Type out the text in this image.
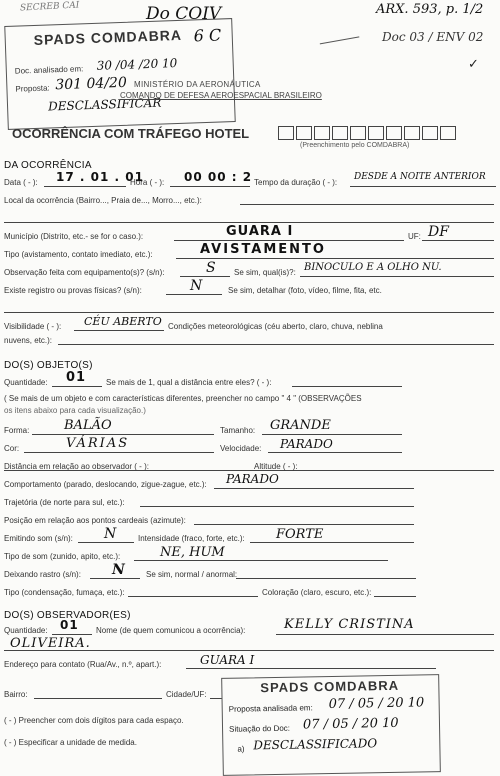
SECREB CAI	Do COIV	ARX. 593, p. 1/2
Doc 03 / ENV 02
✓
SPADS COMDABRA 6 C
Doc. analisado em: 30 /04 /20 10
Proposta: 301 04/20
DESCLASSIFICAR
MINISTÉRIO DA AERONÁUTICA
COMANDO DE DEFESA AEROESPACIAL BRASILEIRO
OCORRÊNCIA COM TRÁFEGO HOTEL
(Preenchimento pelo COMDABRA)
DA OCORRÊNCIA
Data ( - ): 17 . 01 . 01
Hora ( - ): 00 00 : 2 Tempo da duração ( - ):
DESDE A NOITE ANTERIOR
Local da ocorrência (Bairro..., Praia de..., Morro..., etc.):
Município (Distrito, etc.- se for o caso.):	GUARA I	UF: DF
Tipo (avistamento, contato imediato, etc.):	AVISTAMENTO
Observação feita com equipamento(s)? (s/n):	S Se sim, qual(is)?: BINOCULO E A OLHO NU.
Existe registro ou provas físicas? (s/n):	N	Se sim, detalhar (foto, vídeo, filme, fita, etc.
Visibilidade ( - ): CÉU ABERTO Condições meteorológicas (céu aberto, claro, chuva, neblina
nuvens, etc.):
DO(S) OBJETO(S)
Quantidade: 01 Se mais de 1, qual a distância entre eles? ( - ):
( Se mais de um objeto e com características diferentes, preencher no campo " 4 " (OBSERVAÇÕES
os itens abaixo para cada visualização.)
Forma:	BALÃO	Tamanho: GRANDE
Cor:	VÁRIAS	Velocidade: PARADO
Distância em relação ao observador ( - ):	Altitude ( - ):
Comportamento (parado, deslocando, zigue-zague, etc.): PARADO
Trajetória (de norte para sul, etc.):
Posição em relação aos pontos cardeais (azimute):
Emitindo som (s/n): N	Intensidade (fraco, forte, etc.): FORTE
Tipo de som (zunido, apito, etc.):	NE, HUM
Deixando rastro (s/n): N	Se sim, normal / anormal:
Tipo (condensação, fumaça, etc.):	Coloração (claro, escuro, etc.):
DO(S) OBSERVADOR(ES)
Quantidade: 01 Nome (de quem comunicou a ocorrência):	KELLY CRISTINA
OLIVEIRA.
Endereço para contato (Rua/Av., n.º, apart.):	GUARA I
Bairro:	Cidade/UF:
( - ) Preencher com dois dígitos para cada espaço.
( - ) Especificar a unidade de medida.
SPADS COMDABRA
Proposta analisada em: 07 / 05 / 20 10
Situação do Doc: 07 / 05 / 20 10
a) DESCLASSIFICADO
